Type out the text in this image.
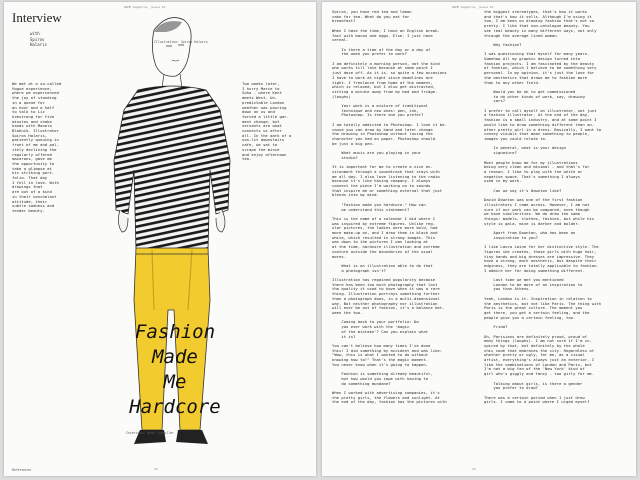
NAME magazine__Issue 01
Interview
with
Spiros
Halaris	Illustration: Spiros Halaris
We met at a so-called
Vogue experience,
where we experienced
the joy of standing
in a queue for
an hour and a half
to talk to Liz
Armstrong for five
minutes and shake
hands with Manolo
Blahnik. Illustrator
Spiros Halaris,
patiently queuing in
front of me and pol-
itely declining the
regularly offered
macarons, gave me
the opportunity to
take a glimpse at
his striking port-
folio. That day
I fell in love. With
drawings that
are out of a kind
in their nonchalant
attitude, their
subtle sadness and
tender beauty.
Two weeks later,
I hurry Marie to
Soho - where Kent
meets West. Un-
predictable London
weather was pouring
down on us and
forced a little gar-
ment change, but
servants are what
connects us after
all. In the dark of a
non-lit downstairs
cafe, we sat to
scrape the mince
and enjoy afternoon
tea.
Fashion
Made
Me
Hardcore
Interview: NaMe Scheuller
References	12
NAME magazine__Issue 01
Spiros, you have red tea and lemon
cake for tea. What do you eat for
breakfast?

When I have the time, I have an English break-
fast with bacon and eggs. Else, I just have
cereal.

Is there a time of the day or a day of
the week you prefer to work?

I am definitely a morning person, not the kind
who works till late because at some point I
just doze off. As it is, so quite a few occasions
I have to work at night since deadlines are
tight. I freelance from home at the moment,
which is relaxed, but I also get distracted,
sitting a minute away from my bed and fridge.
(laughs)

Your work is a mixture of traditional
technique and new ones: pen, ink,
Photoshop. Is there one you prefer?

I am totally addicted to Photoshop. I love it be-
cause you can draw by hand and later change
the drawing in Photoshop without losing the
character you had on paper. Photoshop should
be just a big pen.

What music are you playing in your
studio?

It is important for me to create a nice en-
vironment through a soundtrack that stays with
me all day. I also love listening to the radio
because it's like having company. I always
connect the piece I'm working on to sounds
that inspire me or something external that just
blends into my mind.

"Fashion made you hardcore." How can
we understand this statement?

This is the name of a calendar I did where I
was inspired by extreme figures. Unlike reg-
ular pictures, the ladies were more bold, had
more make-up on, and I drew them in black and
white, which resulted in strong images. This
was down to the pictures I was looking at
at the time, hardcore illustration and extreme
couture outside the boundaries of the usual
mores.

What is an illustration able to do that
a photograph isn't?

Illustration has regained popularity because
there has been too much photography that lost
the quality it used to have when it was a rare
thing. Illustration portrays something further
than a photograph does, in a multi-dimensional
way. But neither photography nor illustration
will ever be out of fashion, it's a balance bet-
ween the two.

Coming back to your portfolio: Do
you ever work with the 'magic
of the mistake'? Can you explain what
it is?

You can't believe how many times I've done
this! I did something by accident and was like:
"Wow, this is what I wanted to do without
knowing how to!" That's the magic moment.
You never know when it's going to happen.

Fashion is something already beautiful,
but how would you cope with having to
do something mundane?

When I worked with advertising companies, it's
the pretty girls, the flowers and sunlight. At
the end of the day, fashion has the pictures with
the biggest stereotypes, that's how it works
and that's how it sells. Although I'm using it
too, I am keen on drawing fashion that's not so
pretty. I like that non-catalogue beauty. You
see real beauty in many different ways, not only
through the average lined woman.

Why fashion?

I was questioning that myself for many years.
Somehow all my graphic design turned into
fashion projects. I am fascinated by the beauty
of fashion, which I believe to be something very
personal. In my opinion, it's just the love for
the aesthetics that draws me to fashion more
than to any other field.

Would you be ok to get commissioned
to do other kinds of work, say, drawing
cars?

I prefer to call myself an illustrator, not just
a fashion illustrator. At the end of the day,
fashion is a small industry, and at some point I
would like to draw something different than an-
other pretty girl in a dress. Basically, I want to
convey visuals that mean something to people,
images you could relate to.

In general, what is your design
signature?

Most people know me for my illustrations
being very clean and minimal - and that's for
a reason. I like to play with the white or
negative space. That's something I always
used in my work.

Can we say it's Downton like?

David Downton was one of the first fashion
illustrators I came across. However, I am not
sure if our work can be compared, even though
we have similarities. We do draw the same
things: models, clothes, fashion, but while his
style is gala, mine is darker and bolder.

Apart from Downton, who has been an
inspiration to you?

I like Laura Laine for her distinctive style. The
figures she creates, those girls with huge hair,
tiny hands and big dresses are impressive. They
have a strong, dark aesthetic, but despite their
edginess, they are totally applicable to fashion.
I admire her for doing something different.

Last time we met you mentioned
London to be more of an inspiration to
you than Athens.

Yeah, London is it. Inspiration in relation to
the aesthetics, but not like Paris. The thing with
Paris is the great culture. The moment you
get there, you get a certain feeling, and the
people give you a certain feeling, too.

Frida?

Oh, Parisians are definitely proud, proud of
many things (laughs). I am not sure if I'm in-
spired by that, but definitely by the whole
chic code that embraces the city. Regardless of
whether pretty or ugly, for me, as a visual
artist, everything's always just an exterior. I
like the combinations of London and Paris, but
I'm not a big fan of the 'New York' kind of
girl who's giggly and fancy - too girly for me.

Talking about girls, is there a gender
you prefer to draw?

There was a certain period when I just drew
girls. I came to a point where I urged myself
13
